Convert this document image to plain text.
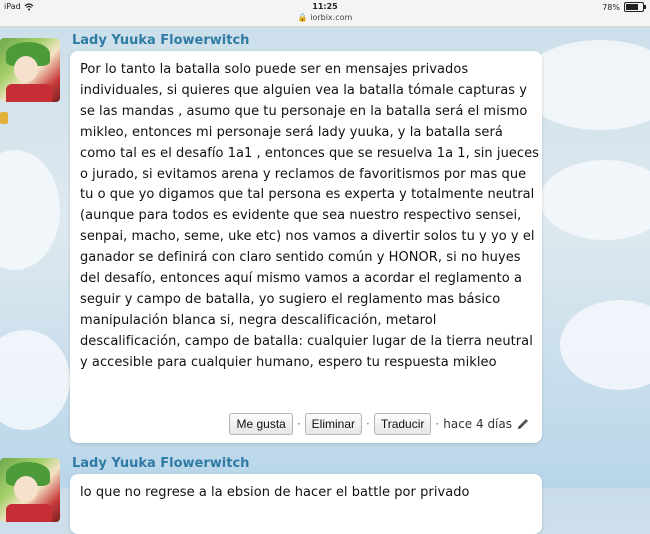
iPad	11:25
🔒 iorbix.com
78%
Lady Yuuka Flowerwitch
Por lo tanto la batalla solo puede ser en mensajes privados individuales, si quieres que alguien vea la batalla tómale capturas y se las mandas , asumo que tu personaje en la batalla será el mismo mikleo, entonces mi personaje será lady yuuka, y la batalla será como tal es el desafío 1a1 , entonces que se resuelva 1a 1, sin jueces o jurado, si evitamos arena y reclamos de favoritismos por mas que tu o que yo digamos que tal persona es experta y totalmente neutral (aunque para todos es evidente que sea nuestro respectivo sensei, senpai, macho, seme, uke etc) nos vamos a divertir solos tu y yo y el ganador se definirá con claro sentido común y HONOR, si no huyes del desafío, entonces aquí mismo vamos a acordar el reglamento a seguir y campo de batalla, yo sugiero el reglamento mas básico manipulación blanca si, negra descalificación, metarol descalificación, campo de batalla: cualquier lugar de la tierra neutral y accesible para cualquier humano, espero tu respuesta mikleo
Me gusta · Eliminar · Traducir · hace 4 días
Lady Yuuka Flowerwitch
lo que no regrese a la ebsion de hacer el battle por privado
